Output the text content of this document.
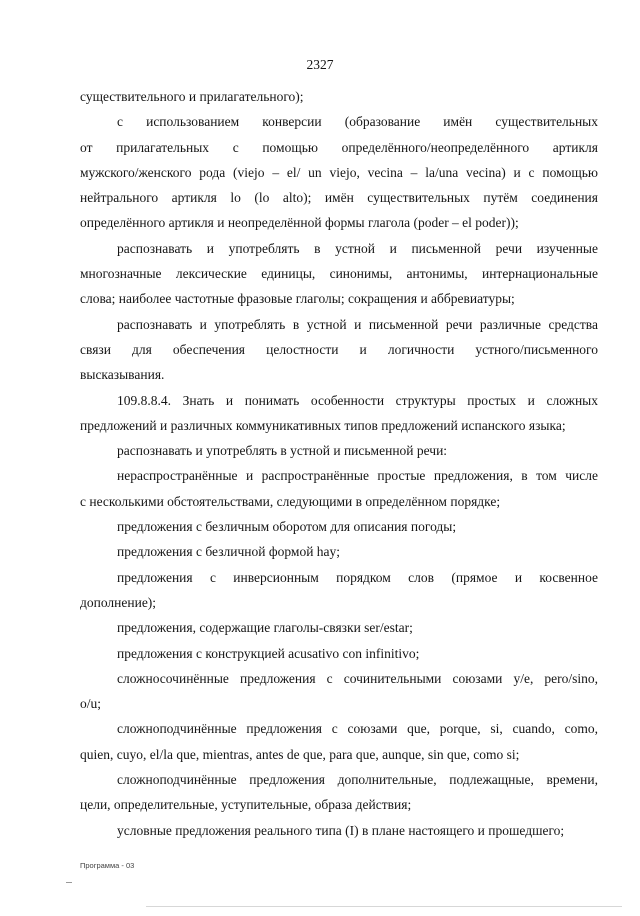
2327

существительного и прилагательного);

с использованием конверсии (образование имён существительных

от прилагательных с помощью определённого/неопределённого артикля

мужского/женского рода (viejo – el/ un viejo, vecina – la/una vecina) и с помощью

нейтрального артикля lo (lo alto); имён существительных путём соединения

определённого артикля и неопределённой формы глагола (poder – el poder));

распознавать и употреблять в устной и письменной речи изученные

многозначные лексические единицы, синонимы, антонимы, интернациональные

слова; наиболее частотные фразовые глаголы; сокращения и аббревиатуры;

распознавать и употреблять в устной и письменной речи различные средства

связи для обеспечения целостности и логичности устного/письменного

высказывания.

109.8.8.4. Знать и понимать особенности структуры простых и сложных

предложений и различных коммуникативных типов предложений испанского языка;

распознавать и употреблять в устной и письменной речи:

нераспространённые и распространённые простые предложения, в том числе

с несколькими обстоятельствами, следующими в определённом порядке;

предложения с безличным оборотом для описания погоды;

предложения с безличной формой hay;

предложения с инверсионным порядком слов (прямое и косвенное

дополнение);

предложения, содержащие глаголы-связки ser/estar;

предложения с конструкцией acusativo con infinitivo;

сложносочинённые предложения с сочинительными союзами y/e, pero/sino,

o/u;

сложноподчинённые предложения с союзами que, porque, si, cuando, como,

quien, cuyo, el/la que, mientras, antes de que, para que, aunque, sin que, como si;

сложноподчинённые предложения дополнительные, подлежащные, времени,

цели, определительные, уступительные, образа действия;

условные предложения реального типа (I) в плане настоящего и прошедшего;

Программа - 03
